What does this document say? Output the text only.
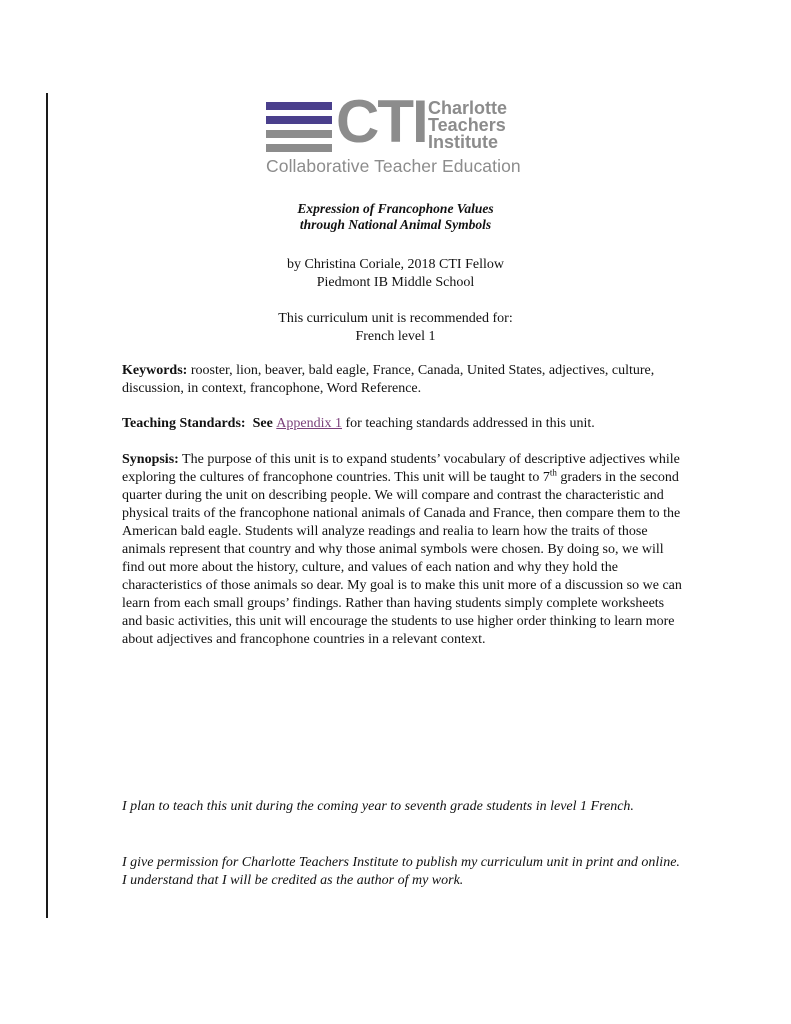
CTI Charlotte
Teachers
Institute
Collaborative Teacher Education
Expression of Francophone Values
through National Animal Symbols
by Christina Coriale, 2018 CTI Fellow
Piedmont IB Middle School
This curriculum unit is recommended for:
French level 1
Keywords: rooster, lion, beaver, bald eagle, France, Canada, United States, adjectives, culture, discussion, in context, francophone, Word Reference.
Teaching Standards:  See Appendix 1 for teaching standards addressed in this unit.
Synopsis: The purpose of this unit is to expand students’ vocabulary of descriptive adjectives while exploring the cultures of francophone countries. This unit will be taught to 7th graders in the second quarter during the unit on describing people. We will compare and contrast the characteristic and physical traits of the francophone national animals of Canada and France, then compare them to the American bald eagle. Students will analyze readings and realia to learn how the traits of those animals represent that country and why those animal symbols were chosen. By doing so, we will find out more about the history, culture, and values of each nation and why they hold the characteristics of those animals so dear. My goal is to make this unit more of a discussion so we can learn from each small groups’ findings. Rather than having students simply complete worksheets and basic activities, this unit will encourage the students to use higher order thinking to learn more about adjectives and francophone countries in a relevant context.
I plan to teach this unit during the coming year to seventh grade students in level 1 French.
I give permission for Charlotte Teachers Institute to publish my curriculum unit in print and online. I understand that I will be credited as the author of my work.
